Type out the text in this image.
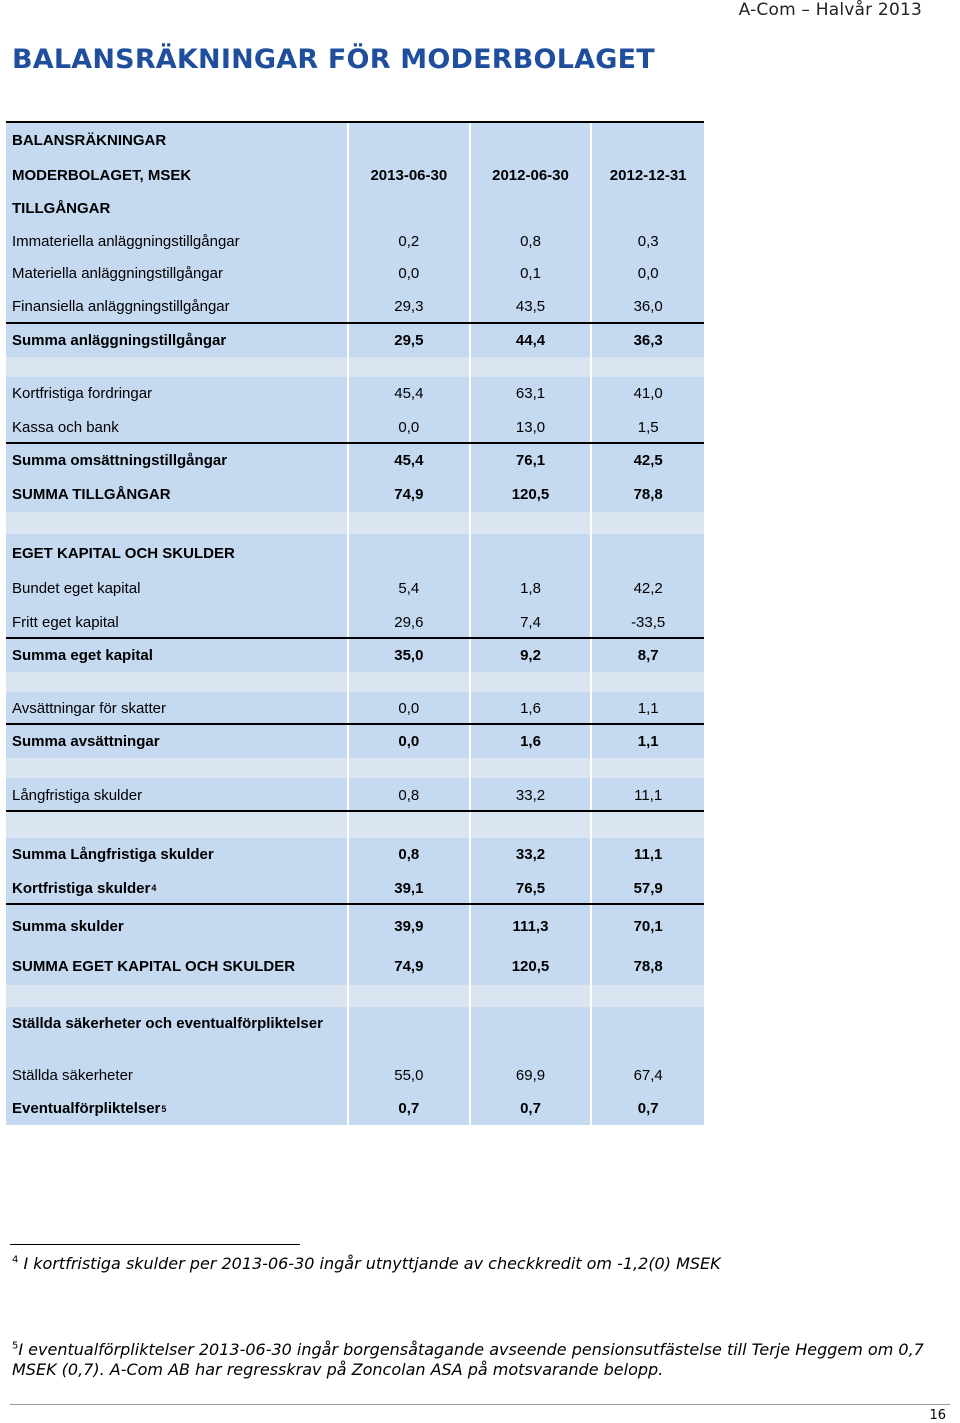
A-Com – Halvår 2013
BALANSRÄKNINGAR FÖR MODERBOLAGET
BALANSRÄKNINGAR
MODERBOLAGET, MSEK	2013-06-30	2012-06-30	2012-12-31
TILLGÅNGAR
Immateriella anläggningstillgångar	0,2	0,8	0,3
Materiella anläggningstillgångar	0,0	0,1	0,0
Finansiella anläggningstillgångar	29,3	43,5	36,0
Summa anläggningstillgångar	29,5	44,4	36,3
Kortfristiga fordringar	45,4	63,1	41,0
Kassa och bank	0,0	13,0	1,5
Summa omsättningstillgångar	45,4	76,1	42,5
SUMMA TILLGÅNGAR	74,9	120,5	78,8
EGET KAPITAL OCH SKULDER
Bundet eget kapital	5,4	1,8	42,2
Fritt eget kapital	29,6	7,4	-33,5
Summa eget kapital	35,0	9,2	8,7
Avsättningar för skatter	0,0	1,6	1,1
Summa avsättningar	0,0	1,6	1,1
Långfristiga skulder	0,8	33,2	11,1
Summa Långfristiga skulder	0,8	33,2	11,1
Kortfristiga skulder 4	39,1	76,5	57,9
Summa skulder	39,9	111,3	70,1
SUMMA EGET KAPITAL OCH SKULDER	74,9	120,5	78,8
Ställda säkerheter och eventualförpliktelser
Ställda säkerheter	55,0	69,9	67,4
Eventualförpliktelser 5	0,7	0,7	0,7
$^4$ I kortfristiga skulder per 2013-06-30 ingår utnyttjande av checkkredit om -1,2(0) MSEK
$^5$I eventualförpliktelser 2013-06-30 ingår borgensåtagande avseende pensionsutfästelse till Terje Heggem om 0,7 MSEK (0,7). A-Com AB har regresskrav på Zoncolan ASA på motsvarande belopp.
16
